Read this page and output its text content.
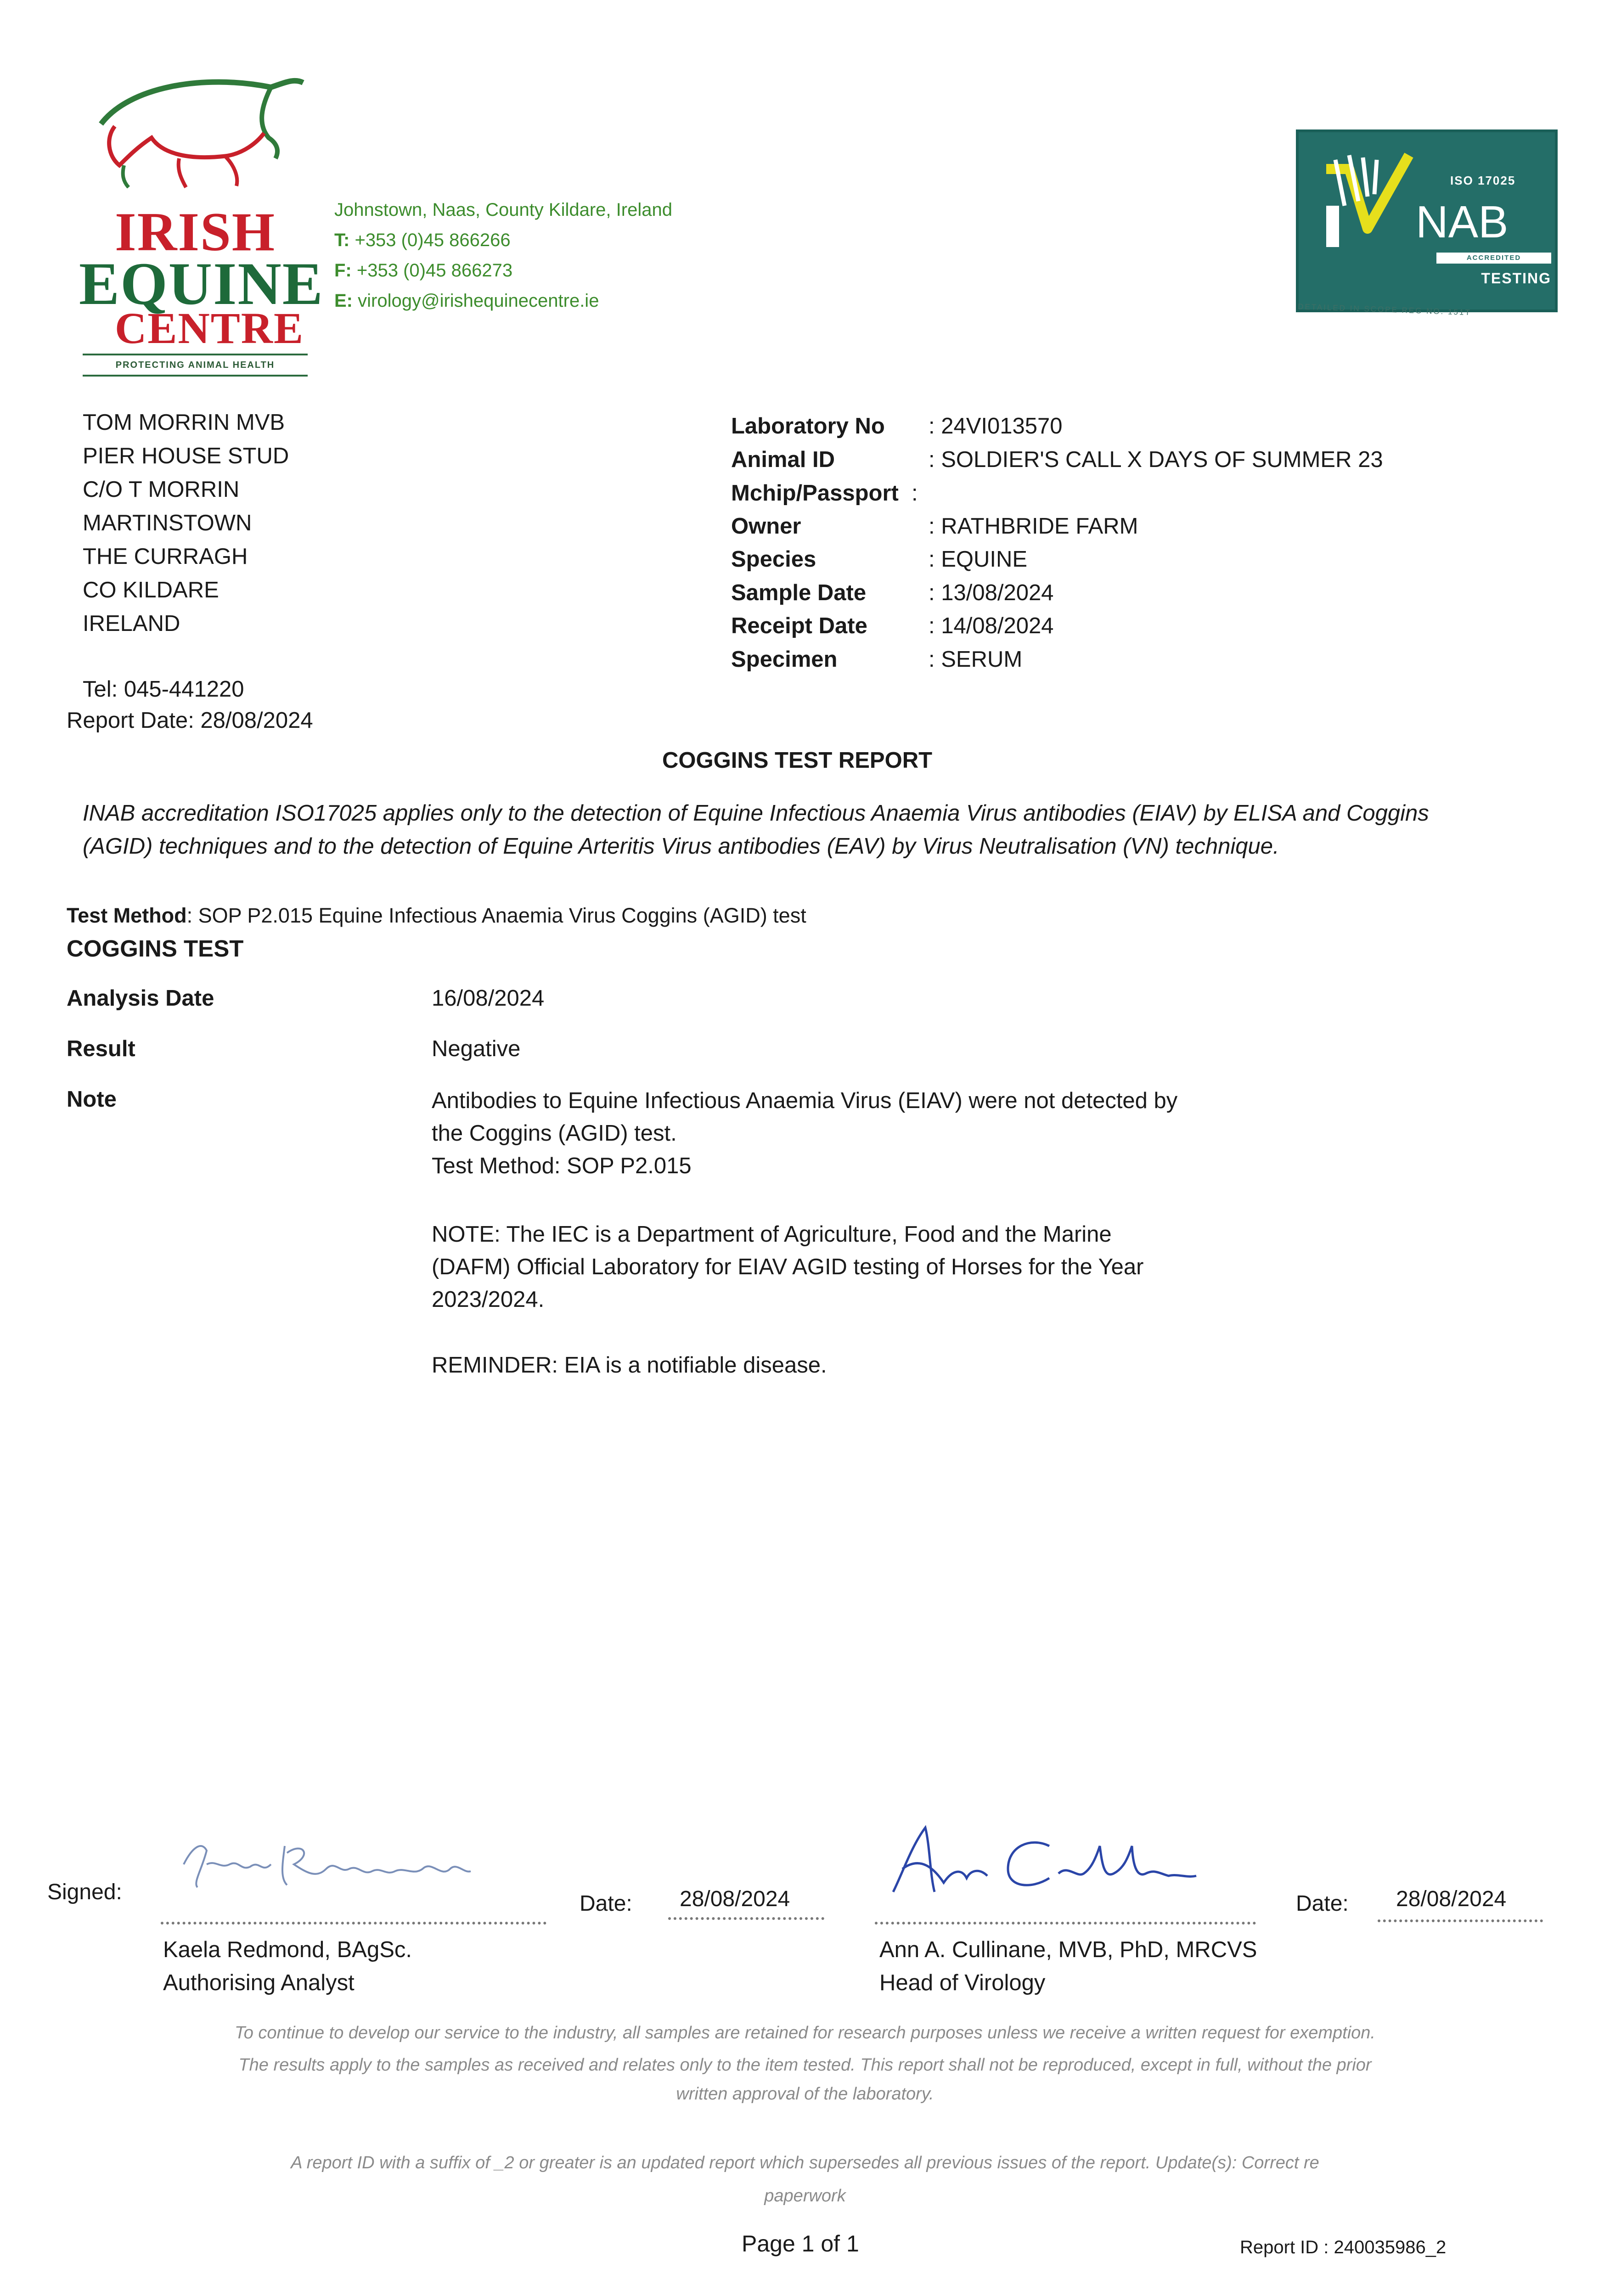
IRISH
EQUINE
CENTRE
PROTECTING ANIMAL HEALTH
Johnstown, Naas, County Kildare, Ireland
T: +353 (0)45 866266
F: +353 (0)45 866273
E: virology@irishequinecentre.ie
ISO 17025
NAB
ACCREDITED
TESTING
DETAILED IN SCOPE REG NO. 151T
TOM MORRIN MVB
PIER HOUSE STUD
C/O T MORRIN
MARTINSTOWN
THE CURRAGH
CO KILDARE
IRELAND
Tel: 045-441220
Report Date: 28/08/2024
Laboratory No : 24VI013570
Animal ID	: SOLDIER'S CALL X DAYS OF SUMMER 23
Mchip/Passport :
Owner	: RATHBRIDE FARM
Species	: EQUINE
Sample Date	: 13/08/2024
Receipt Date	: 14/08/2024
Specimen	: SERUM
COGGINS TEST REPORT
INAB accreditation ISO17025 applies only to the detection of Equine Infectious Anaemia Virus antibodies (EIAV) by ELISA and Coggins (AGID) techniques and to the detection of Equine Arteritis Virus antibodies (EAV) by Virus Neutralisation (VN) technique.
Test Method: SOP P2.015 Equine Infectious Anaemia Virus Coggins (AGID) test
COGGINS TEST
Analysis Date	16/08/2024
Result	Negative
Note	Antibodies to Equine Infectious Anaemia Virus (EIAV) were not detected by
the Coggins (AGID) test.
Test Method: SOP P2.015
NOTE: The IEC is a Department of Agriculture, Food and the Marine
(DAFM) Official Laboratory for EIAV AGID testing of Horses for the Year
2023/2024.
REMINDER: EIA is a notifiable disease.
Signed:	Date: 28/08/2024	Date: 28/08/2024
Kaela Redmond, BAgSc.
Authorising Analyst
Ann A. Cullinane, MVB, PhD, MRCVS
Head of Virology
To continue to develop our service to the industry, all samples are retained for research purposes unless we receive a written request for exemption.
The results apply to the samples as received and relates only to the item tested. This report shall not be reproduced, except in full, without the prior
written approval of the laboratory.
A report ID with a suffix of _2 or greater is an updated report which supersedes all previous issues of the report. Update(s): Correct re
paperwork
Page 1 of 1	Report ID : 240035986_2
